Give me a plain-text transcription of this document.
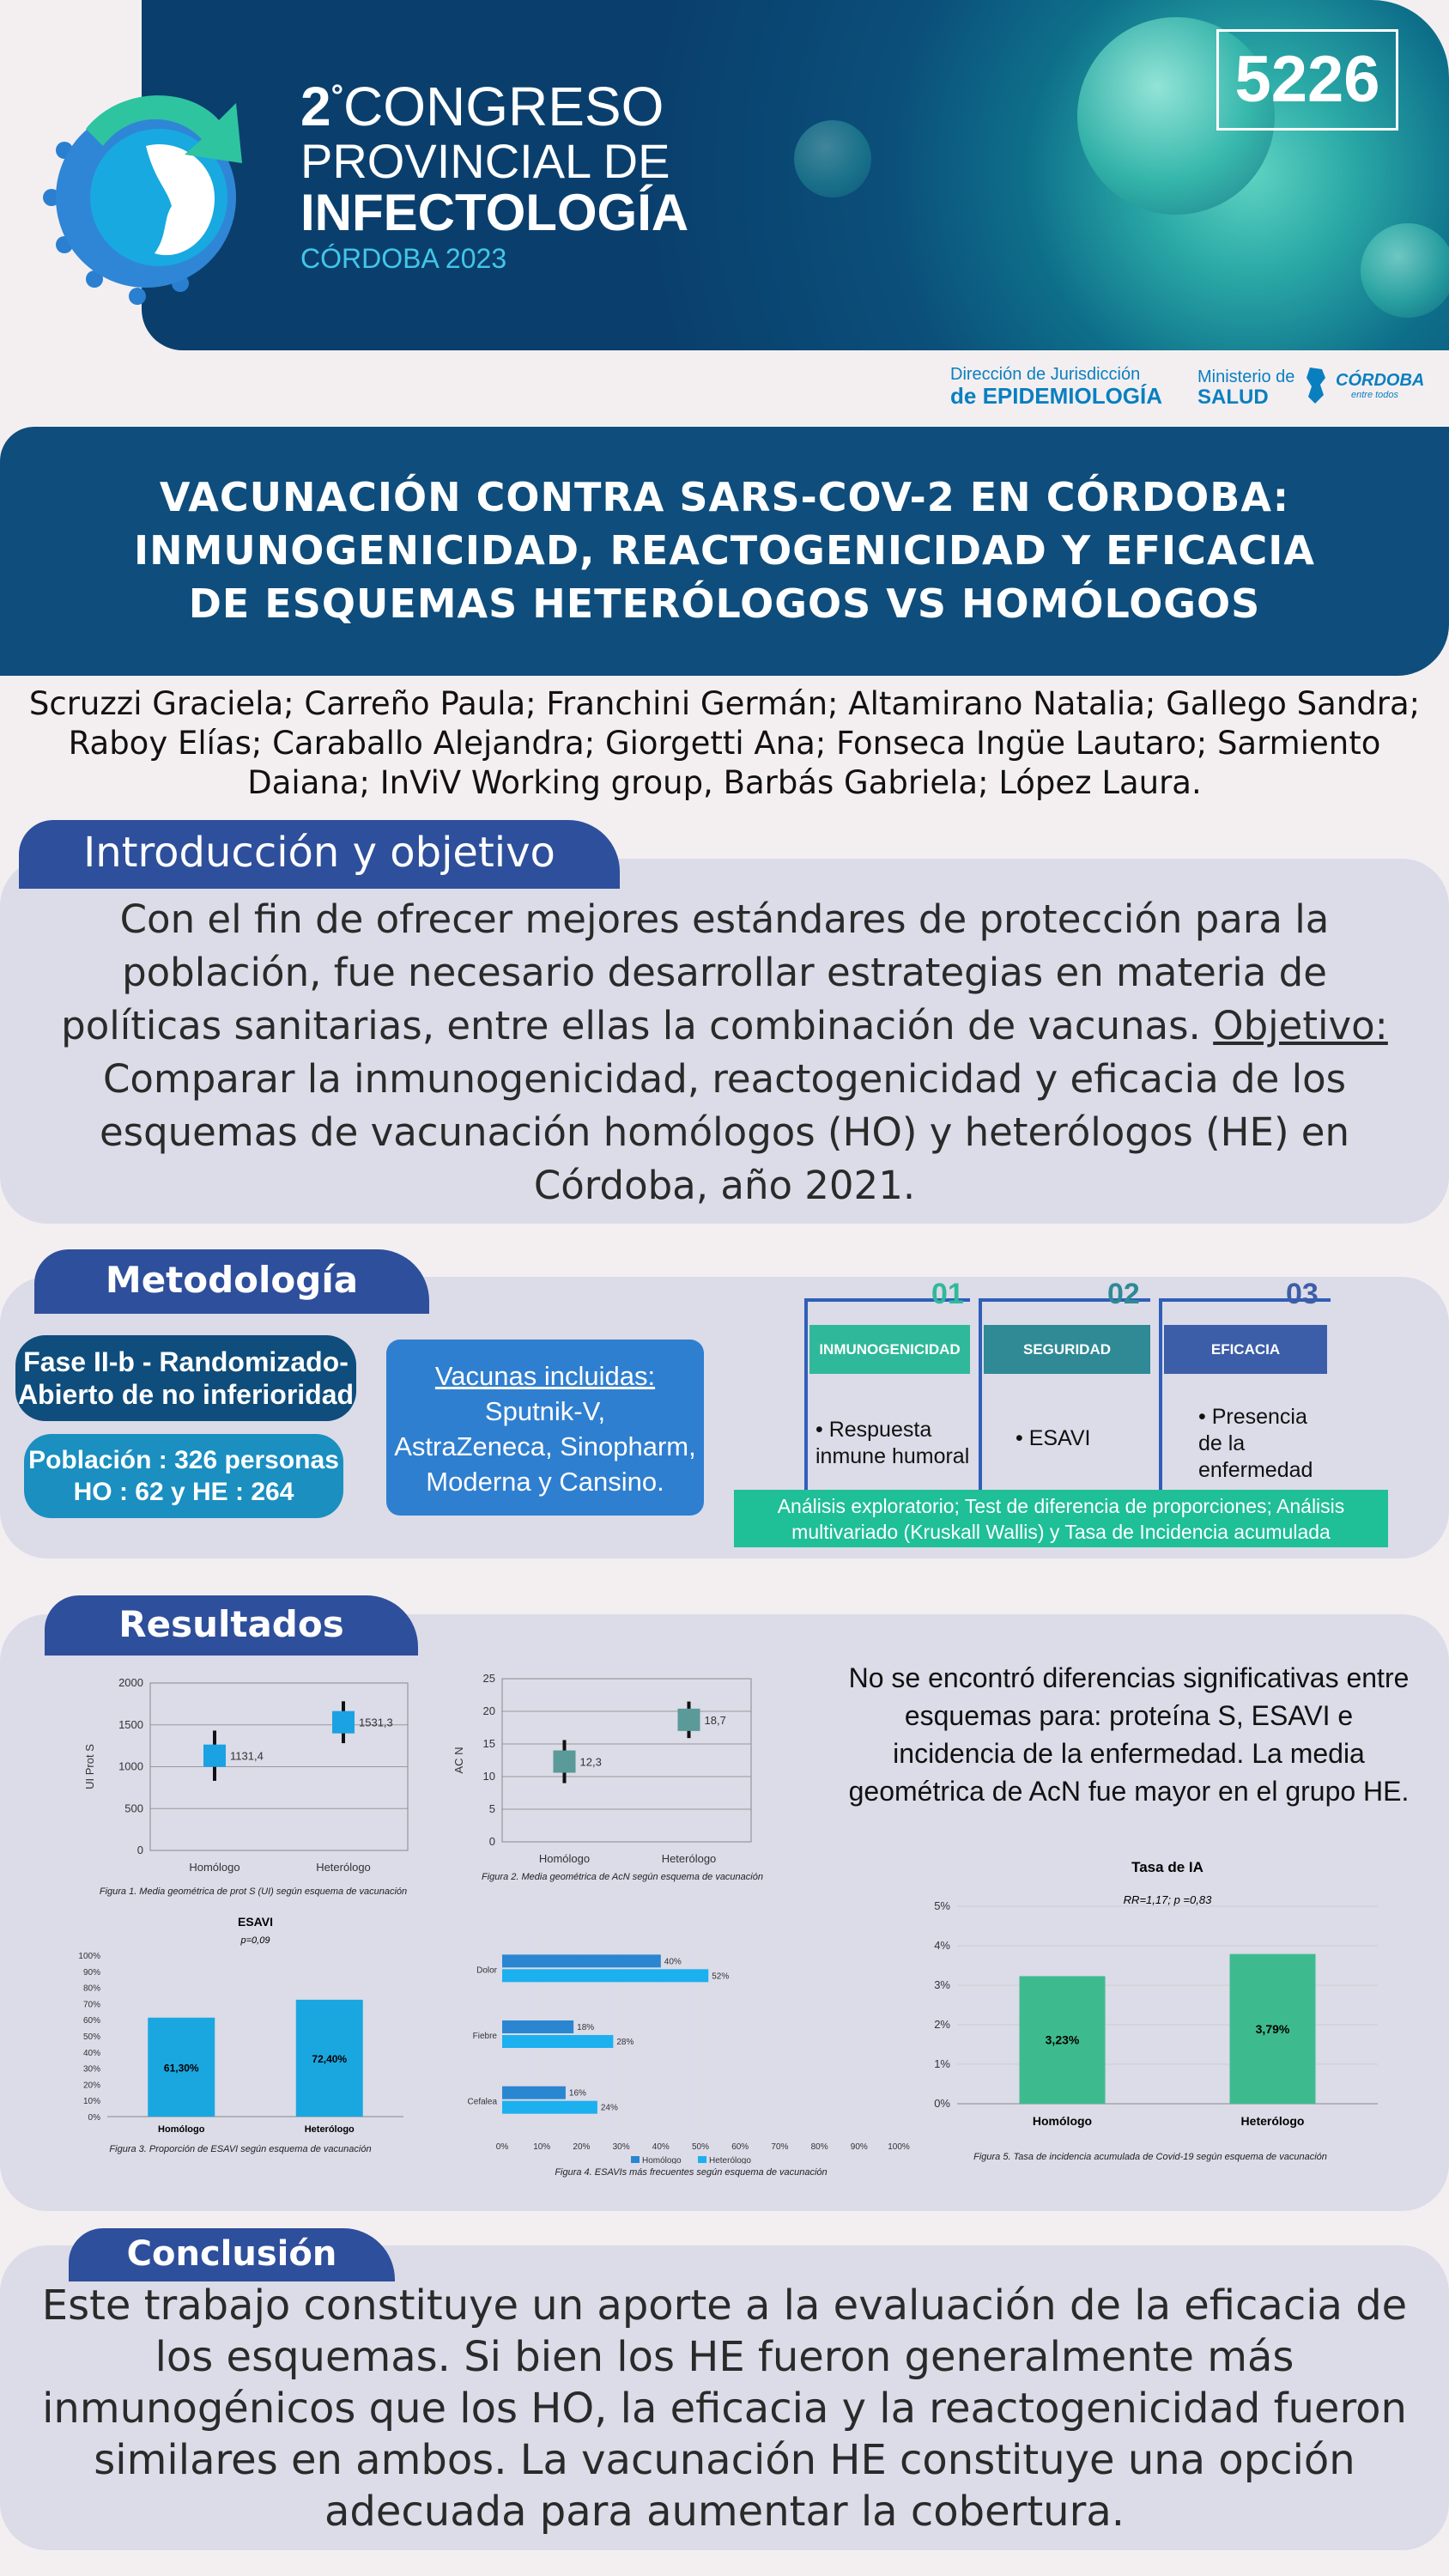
2°CONGRESO
PROVINCIAL DE
INFECTOLOGÍA
CÓRDOBA 2023
5226
Dirección de Jurisdicción
de EPIDEMIOLOGÍA
Ministerio de
SALUD
CÓRDOBA
entre todos
VACUNACIÓN CONTRA SARS-COV-2 EN CÓRDOBA:
INMUNOGENICIDAD, REACTOGENICIDAD Y EFICACIA
DE ESQUEMAS HETERÓLOGOS VS HOMÓLOGOS
Scruzzi Graciela; Carreño Paula; Franchini Germán; Altamirano Natalia; Gallego Sandra;
Raboy Elías; Caraballo Alejandra; Giorgetti Ana; Fonseca Ingüe Lautaro; Sarmiento
Daiana; InViV Working group, Barbás Gabriela; López Laura.
Introducción y objetivo
Con el fin de ofrecer mejores estándares de protección para la población, fue necesario desarrollar estrategias en materia de políticas sanitarias, entre ellas la combinación de vacunas. Objetivo: Comparar la inmunogenicidad, reactogenicidad y eficacia de los esquemas de vacunación homólogos (HO) y heterólogos (HE) en Córdoba, año 2021.
Metodología
Fase II-b - Randomizado-
Abierto de no inferioridad
Población : 326 personas
HO : 62 y HE : 264
Vacunas incluidas:
Sputnik-V,
AstraZeneca, Sinopharm,
Moderna y Cansino.
01	02	03
INMUNOGENICIDAD	SEGURIDAD	EFICACIA
• Respuesta
inmune humoral
• ESAVI
• Presencia
de la
enfermedad
Análisis exploratorio; Test de diferencia de proporciones; Análisis
multivariado (Kruskall Wallis) y Tasa de Incidencia acumulada
Resultados
No se encontró diferencias significativas entre esquemas para: proteína S, ESAVI e incidencia de la enfermedad. La media geométrica de AcN fue mayor en el grupo HE.
0
500
1000
1500
2000
UI Prot S	1131,4
Homólogo
1531,3
Heterólogo
Figura 1. Media geométrica de prot S (UI) según esquema de vacunación
0
5
10
15
20
25
AC N	12,3
Homólogo
18,7
Heterólogo
Figura 2. Media geométrica de AcN según esquema de vacunación
ESAVI
p=0,09
0%
10%
20%
30%
40%
50%
60%
70%
80%
90%
100%
61,30%
Homólogo
72,40%
Heterólogo
Figura 3. Proporción de ESAVI según esquema de vacunación	0%	10%	20%	30%	40%	50%	60%	70%	80%	90% 100%
Dolor
40%
52%
Fiebre
18%
28%
Cefalea
16%
24%
Homólogo	Heterólogo
Figura 4. ESAVIs más frecuentes según esquema de vacunación
Tasa de IA
RR=1,17; p =0,83
0%
1%
2%
3%
4%
5%
3,23%
Homólogo
3,79%
Heterólogo
Figura 5. Tasa de incidencia acumulada de Covid-19 según esquema de vacunación
Conclusión
Este trabajo constituye un aporte a la evaluación de la eficacia de los esquemas. Si bien los HE fueron generalmente más inmunogénicos que los HO, la eficacia y la reactogenicidad fueron similares en ambos. La vacunación HE constituye una opción adecuada para aumentar la cobertura.
